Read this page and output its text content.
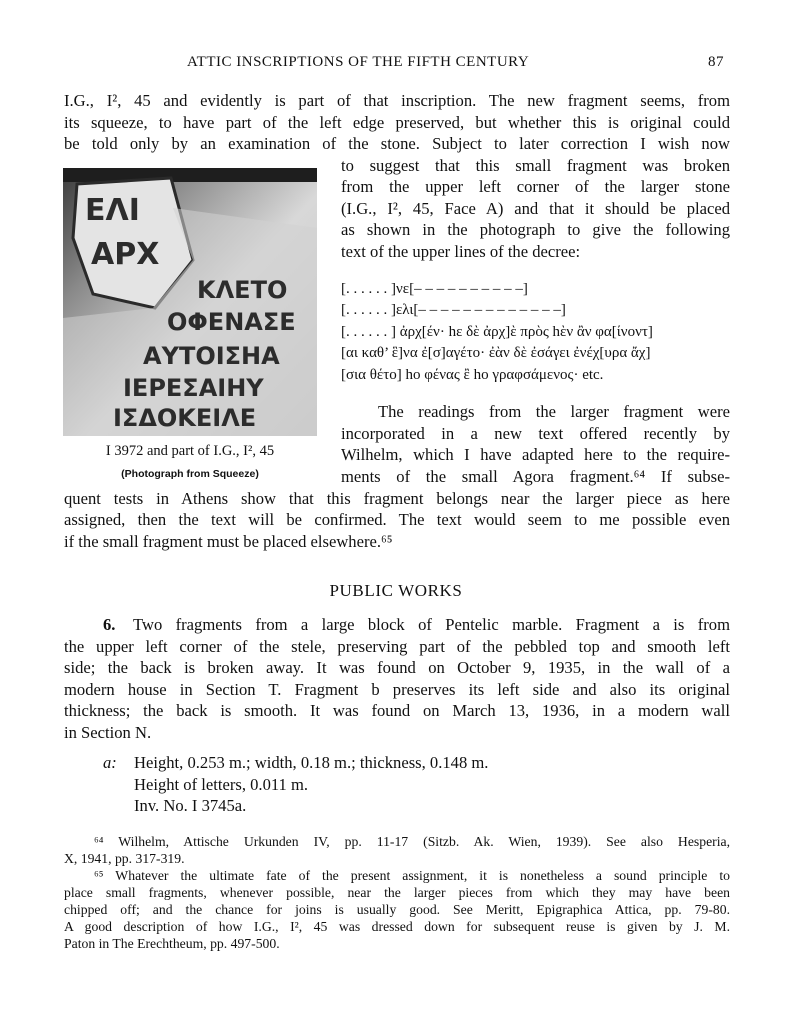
ATTIC INSCRIPTIONS OF THE FIFTH CENTURY	87
I.G., I², 45 and evidently is part of that inscription. The new fragment seems, from
its squeeze, to have part of the left edge preserved, but whether this is original could
be told only by an examination of the stone. Subject to later correction I wish now
ΕΛΙ
ΑΡΧ
ΚΛΕΤΟ
ΟΦΕΝΑΣΕ
ΑΥΤΟΙΣΗΑ
ΙΕΡΕΣΑΙΗΥ
ΙΣΔΟΚΕΙΛΕ
I 3972 and part of I.G., I², 45
(Photograph from Squeeze)
to suggest that this small fragment was broken
from the upper left corner of the larger stone
(I.G., I², 45, Face A) and that it should be placed
as shown in the photograph to give the following
text of the upper lines of the decree:
[. . . . . . ]νε[– – – – – – – – – –]
[. . . . . . ]ελι[– – – – – – – – – – – – –]
[. . . . . . ] ἀρχ[έν· hε δὲ ἀρχ]ὲ πρὸς hὲν ἂν φα[ίνοντ]
[αι καθ’ ἓ]να ἐ[σ]αγέτο· ἐὰν δὲ ἐσάγει ἐνέχ[υρα ἄχ]
[σια θέτο] hο φένας ἒ hο γραφσάμενος· etc.
The readings from the larger fragment were
incorporated in a new text offered recently by
Wilhelm, which I have adapted here to the require-
ments of the small Agora fragment.⁶⁴ If subse-
quent tests in Athens show that this fragment belongs near the larger piece as here
assigned, then the text will be confirmed. The text would seem to me possible even
if the small fragment must be placed elsewhere.⁶⁵
PUBLIC WORKS
6.	Two fragments from a large block of Pentelic marble. Fragment a is from
the upper left corner of the stele, preserving part of the pebbled top and smooth left
side; the back is broken away. It was found on October 9, 1935, in the wall of a
modern house in Section T. Fragment b preserves its left side and also its original
thickness; the back is smooth. It was found on March 13, 1936, in a modern wall
in Section N.
a: Height, 0.253 m.; width, 0.18 m.; thickness, 0.148 m.
Height of letters, 0.011 m.
Inv. No. I 3745a.
⁶⁴ Wilhelm, Attische Urkunden IV, pp. 11-17 (Sitzb. Ak. Wien, 1939). See also Hesperia,
X, 1941, pp. 317-319.
⁶⁵ Whatever the ultimate fate of the present assignment, it is nonetheless a sound principle to
place small fragments, whenever possible, near the larger pieces from which they may have been
chipped off; and the chance for joins is usually good. See Meritt, Epigraphica Attica, pp. 79-80.
A good description of how I.G., I², 45 was dressed down for subsequent reuse is given by J. M.
Paton in The Erechtheum, pp. 497-500.
